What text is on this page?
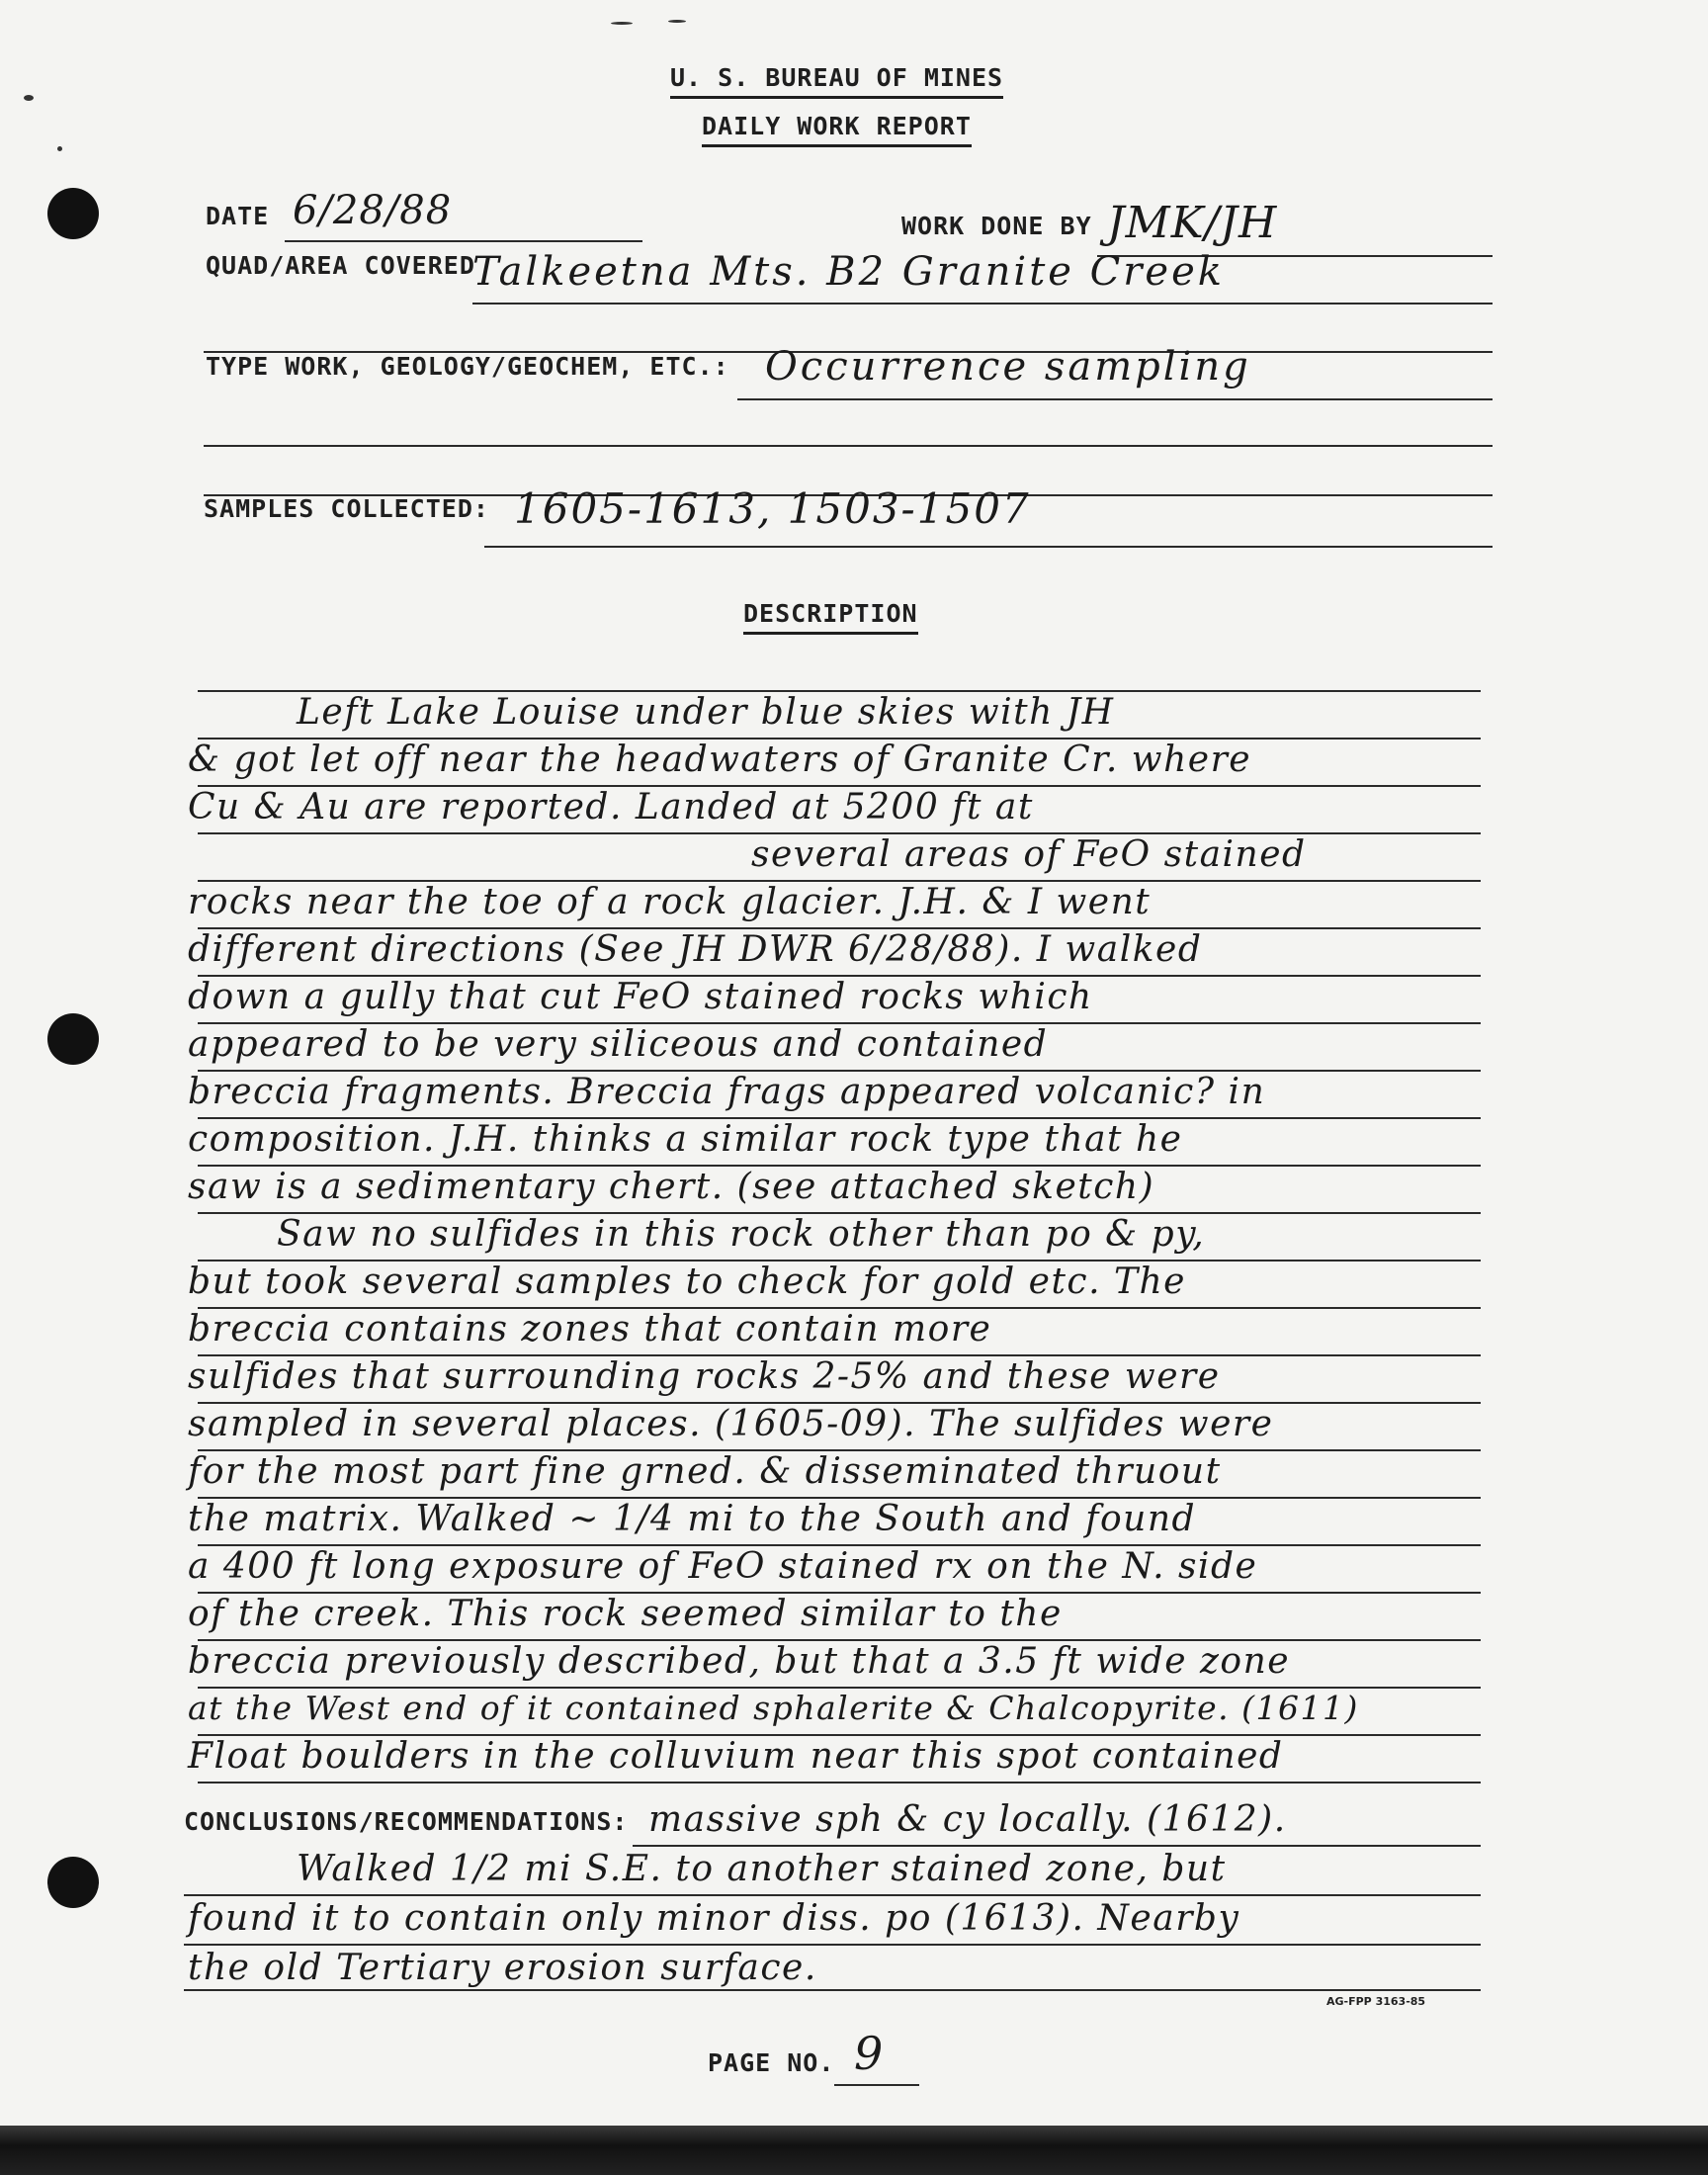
U. S. BUREAU OF MINES
DAILY WORK REPORT
DATE 6/28/88	WORK DONE BY JMK/JH
QUAD/AREA COVERED
Talkeetna Mts. B2 Granite Creek
TYPE WORK, GEOLOGY/GEOCHEM, ETC.: Occurrence sampling
SAMPLES COLLECTED: 1605-1613, 1503-1507
DESCRIPTION
Left Lake Louise under blue skies with JH
& got let off near the headwaters of Granite Cr. where
Cu & Au are reported. Landed at 5200 ft at
several areas of FeO stained
rocks near the toe of a rock glacier. J.H. & I went
different directions (See JH DWR 6/28/88). I walked
down a gully that cut FeO stained rocks which
appeared to be very siliceous and contained
breccia fragments. Breccia frags appeared volcanic? in
composition. J.H. thinks a similar rock type that he
saw is a sedimentary chert. (see attached sketch)
Saw no sulfides in this rock other than po & py,
but took several samples to check for gold etc. The
breccia contains zones that contain more
sulfides that surrounding rocks 2-5% and these were
sampled in several places. (1605-09). The sulfides were
for the most part fine grned. & disseminated thruout
the matrix. Walked ~ 1/4 mi to the South and found
a 400 ft long exposure of FeO stained rx on the N. side
of the creek. This rock seemed similar to the
breccia previously described, but that a 3.5 ft wide zone
at the West end of it contained sphalerite & Chalcopyrite. (1611)
Float boulders in the colluvium near this spot contained
CONCLUSIONS/RECOMMENDATIONS: massive sph & cy locally. (1612).
Walked 1/2 mi S.E. to another stained zone, but
found it to contain only minor diss. po (1613). Nearby
the old Tertiary erosion surface.
AG-FPP 3163-85
PAGE NO. 9
